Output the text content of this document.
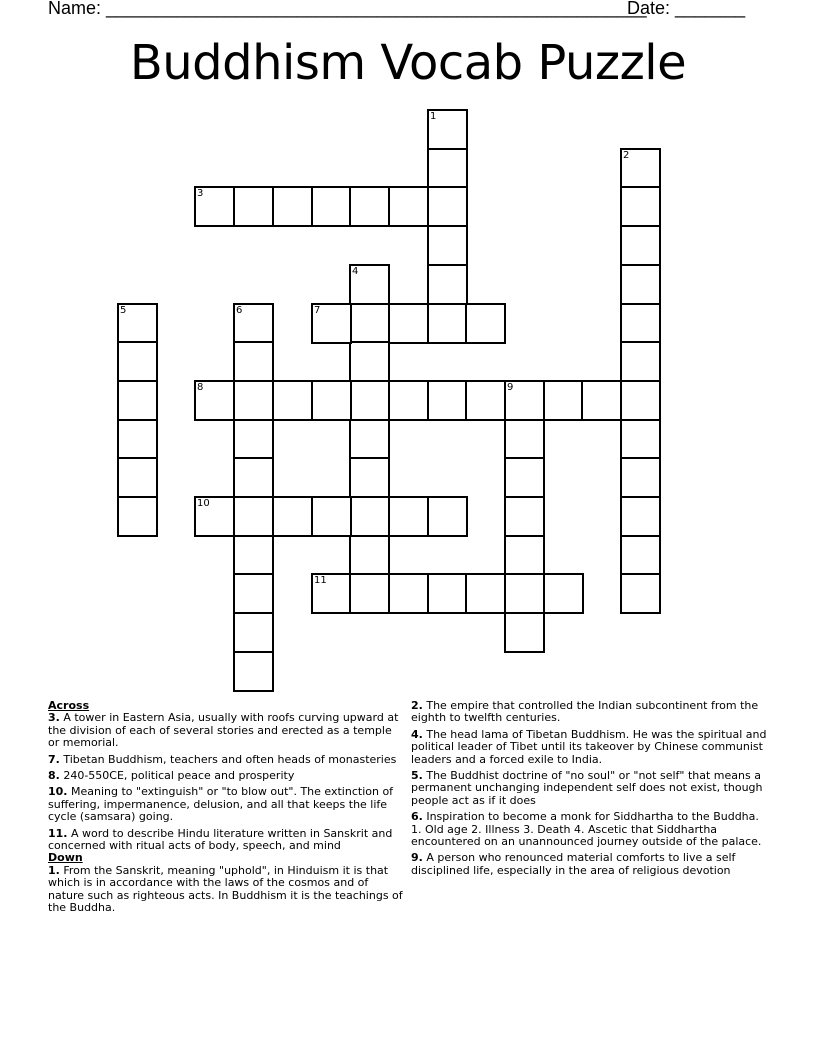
Name: ______________________________________________________
Date: _______
Buddhism Vocab Puzzle
1
2
3
4
5	6	7
8	9
10
11

Across

3. A tower in Eastern Asia, usually with roofs curving upward at the division of each of several stories and erected as a temple or memorial.

7. Tibetan Buddhism, teachers and often heads of monasteries

8. 240-550CE, political peace and prosperity

10. Meaning to "extinguish" or "to blow out". The extinction of suffering, impermanence, delusion, and all that keeps the life cycle (samsara) going.

11. A word to describe Hindu literature written in Sanskrit and concerned with ritual acts of body, speech, and mind

Down

1. From the Sanskrit, meaning "uphold", in Hinduism it is that which is in accordance with the laws of the cosmos and of nature such as righteous acts. In Buddhism it is the teachings of the Buddha.

2. The empire that controlled the Indian subcontinent from the eighth to twelfth centuries.

4. The head lama of Tibetan Buddhism. He was the spiritual and political leader of Tibet until its takeover by Chinese communist leaders and a forced exile to India.

5. The Buddhist doctrine of "no soul" or "not self" that means a permanent unchanging independent self does not exist, though people act as if it does

6. Inspiration to become a monk for Siddhartha to the Buddha. 1. Old age 2. Illness 3. Death 4. Ascetic that Siddhartha encountered on an unannounced journey outside of the palace.

9. A person who renounced material comforts to live a self disciplined life, especially in the area of religious devotion
